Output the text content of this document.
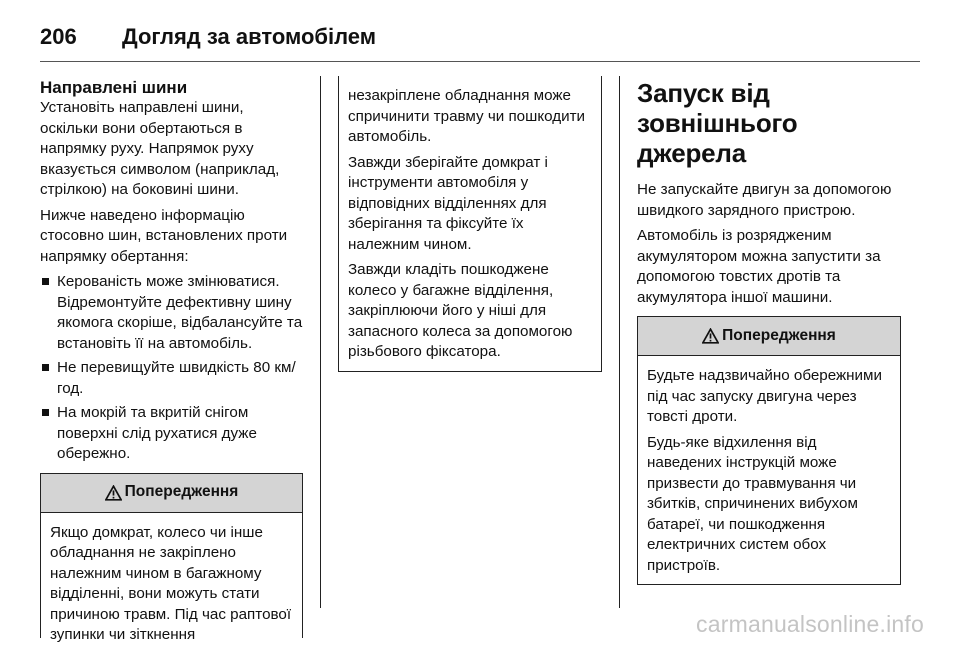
206	Догляд за автомобілем
Направлені шини

Установіть направлені шини, оскільки вони обертаються в напрямку руху. Напрямок руху вказується символом (наприклад, стрілкою) на боковині шини.

Нижче наведено інформацію стосовно шин, встановлених проти напрямку обертання:

Керованість може змінюватися. Відремонтуйте дефективну шину якомога скоріше, відбалансуйте та встановіть її на автомобіль.
Не перевищуйте швидкість 80 км/год.
На мокрій та вкритій снігом поверхні слід рухатися дуже обережно.
Попередження

Якщо домкрат, колесо чи інше обладнання не закріплено належним чином в багажному відділенні, вони можуть стати причиною травм. Під час раптової зупинки чи зіткнення

незакріплене обладнання може спричинити травму чи пошкодити автомобіль.

Завжди зберігайте домкрат і інструменти автомобіля у відповідних відділеннях для зберігання та фіксуйте їх належним чином.

Завжди кладіть пошкоджене колесо у багажне відділення, закріплюючи його у ніші для запасного колеса за допомогою різьбового фіксатора.

Запуск від зовнішнього джерела

Не запускайте двигун за допомогою швидкого зарядного пристрою.

Автомобіль із розрядженим акумулятором можна запустити за допомогою товстих дротів та акумулятора іншої машини.

Попередження

Будьте надзвичайно обережними під час запуску двигуна через товсті дроти.

Будь-яке відхилення від наведених інструкцій може призвести до травмування чи збитків, спричинених вибухом батареї, чи пошкодження електричних систем обох пристроїв.

carmanualsonline.info
